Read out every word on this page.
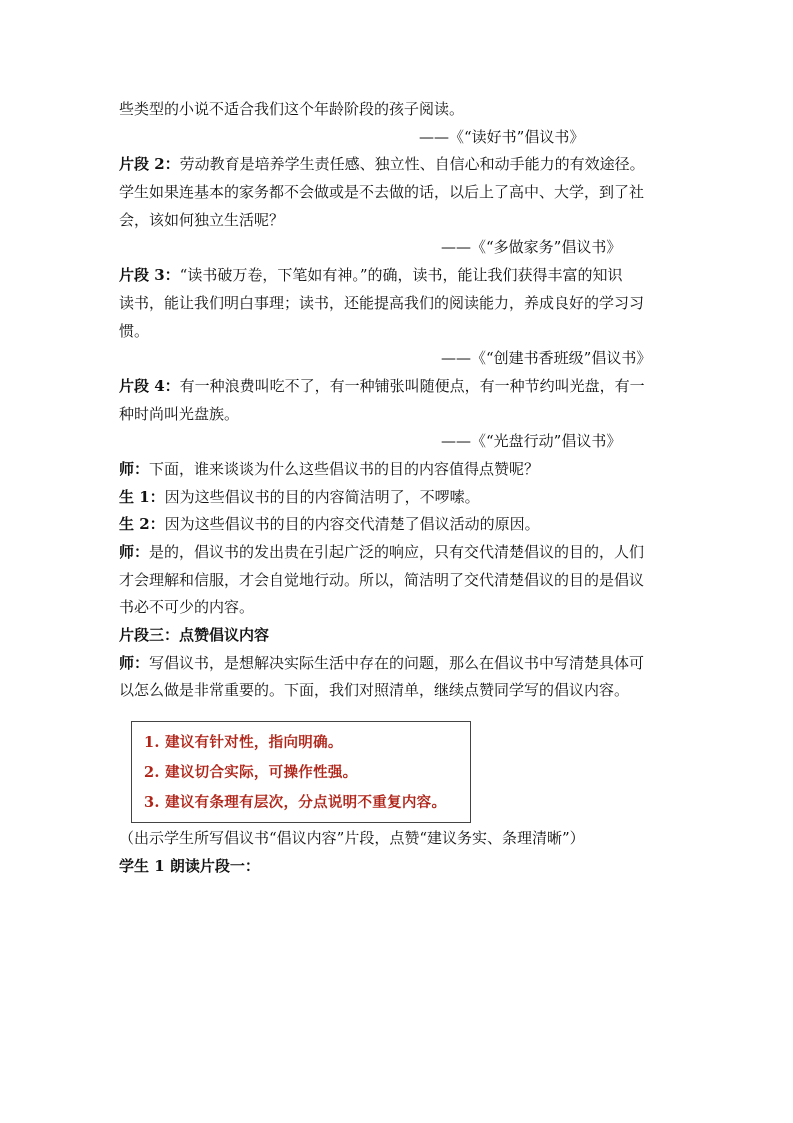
些类型的小说不适合我们这个年龄阶段的孩子阅读。
——《“读好书”倡议书》
片段 2：劳动教育是培养学生责任感、独立性、自信心和动手能力的有效途径。
学生如果连基本的家务都不会做或是不去做的话，以后上了高中、大学，到了社
会，该如何独立生活呢？
——《“多做家务”倡议书》
片段 3：“读书破万卷，下笔如有神。”的确，读书，能让我们获得丰富的知识
读书，能让我们明白事理；读书，还能提高我们的阅读能力，养成良好的学习习
惯。
——《“创建书香班级”倡议书》
片段 4：有一种浪费叫吃不了，有一种铺张叫随便点，有一种节约叫光盘，有一
种时尚叫光盘族。
——《“光盘行动”倡议书》
师：下面，谁来谈谈为什么这些倡议书的目的内容值得点赞呢？
生 1：因为这些倡议书的目的内容简洁明了，不啰嗦。
生 2：因为这些倡议书的目的内容交代清楚了倡议活动的原因。
师：是的，倡议书的发出贵在引起广泛的响应，只有交代清楚倡议的目的，人们
才会理解和信服，才会自觉地行动。所以，简洁明了交代清楚倡议的目的是倡议
书必不可少的内容。
片段三：点赞倡议内容
师：写倡议书，是想解决实际生活中存在的问题，那么在倡议书中写清楚具体可
以怎么做是非常重要的。下面，我们对照清单，继续点赞同学写的倡议内容。
1. 建议有针对性，指向明确。
2. 建议切合实际，可操作性强。
3. 建议有条理有层次，分点说明不重复内容。
（出示学生所写倡议书“倡议内容”片段，点赞“建议务实、条理清晰”）
学生 1 朗读片段一：
